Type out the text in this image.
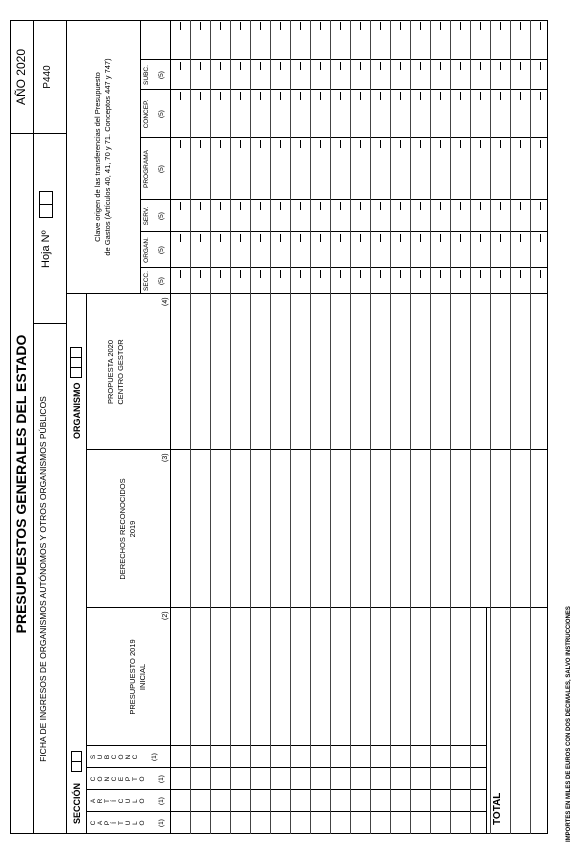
PRESUPUESTOS GENERALES DEL ESTADO
AÑO 2020
FICHA DE INGRESOS DE ORGANISMOS AUTÓNOMOS Y OTROS ORGANISMOS PÚBLICOS
Hoja Nº
P440
SECCIÓN
ORGANISMO
PRESUPUESTO 2019 INICIAL
(2)
DERECHOS RECONOCIDOS 2019
(3)
PROPUESTA 2020 CENTRO GESTOR
(4)
Clave origen de las transferencias del Presupuesto de Gastos (Artículos 40, 41, 70 y 71. Conceptos 447 y 747)
SECC. (5)
ORGAN. (5)
SERV. (5)
PROGRAMA (5)
CONCEP. (5)
SUBC. (5)
C A P Í T U L O (1)
A R T Í C U L O (1)
C O N C E P T O (1)
S U B C O N C (1)
TOTAL	IMPORTES EN MILES DE EUROS CON DOS DECIMALES, SALVO INSTRUCCIONES
